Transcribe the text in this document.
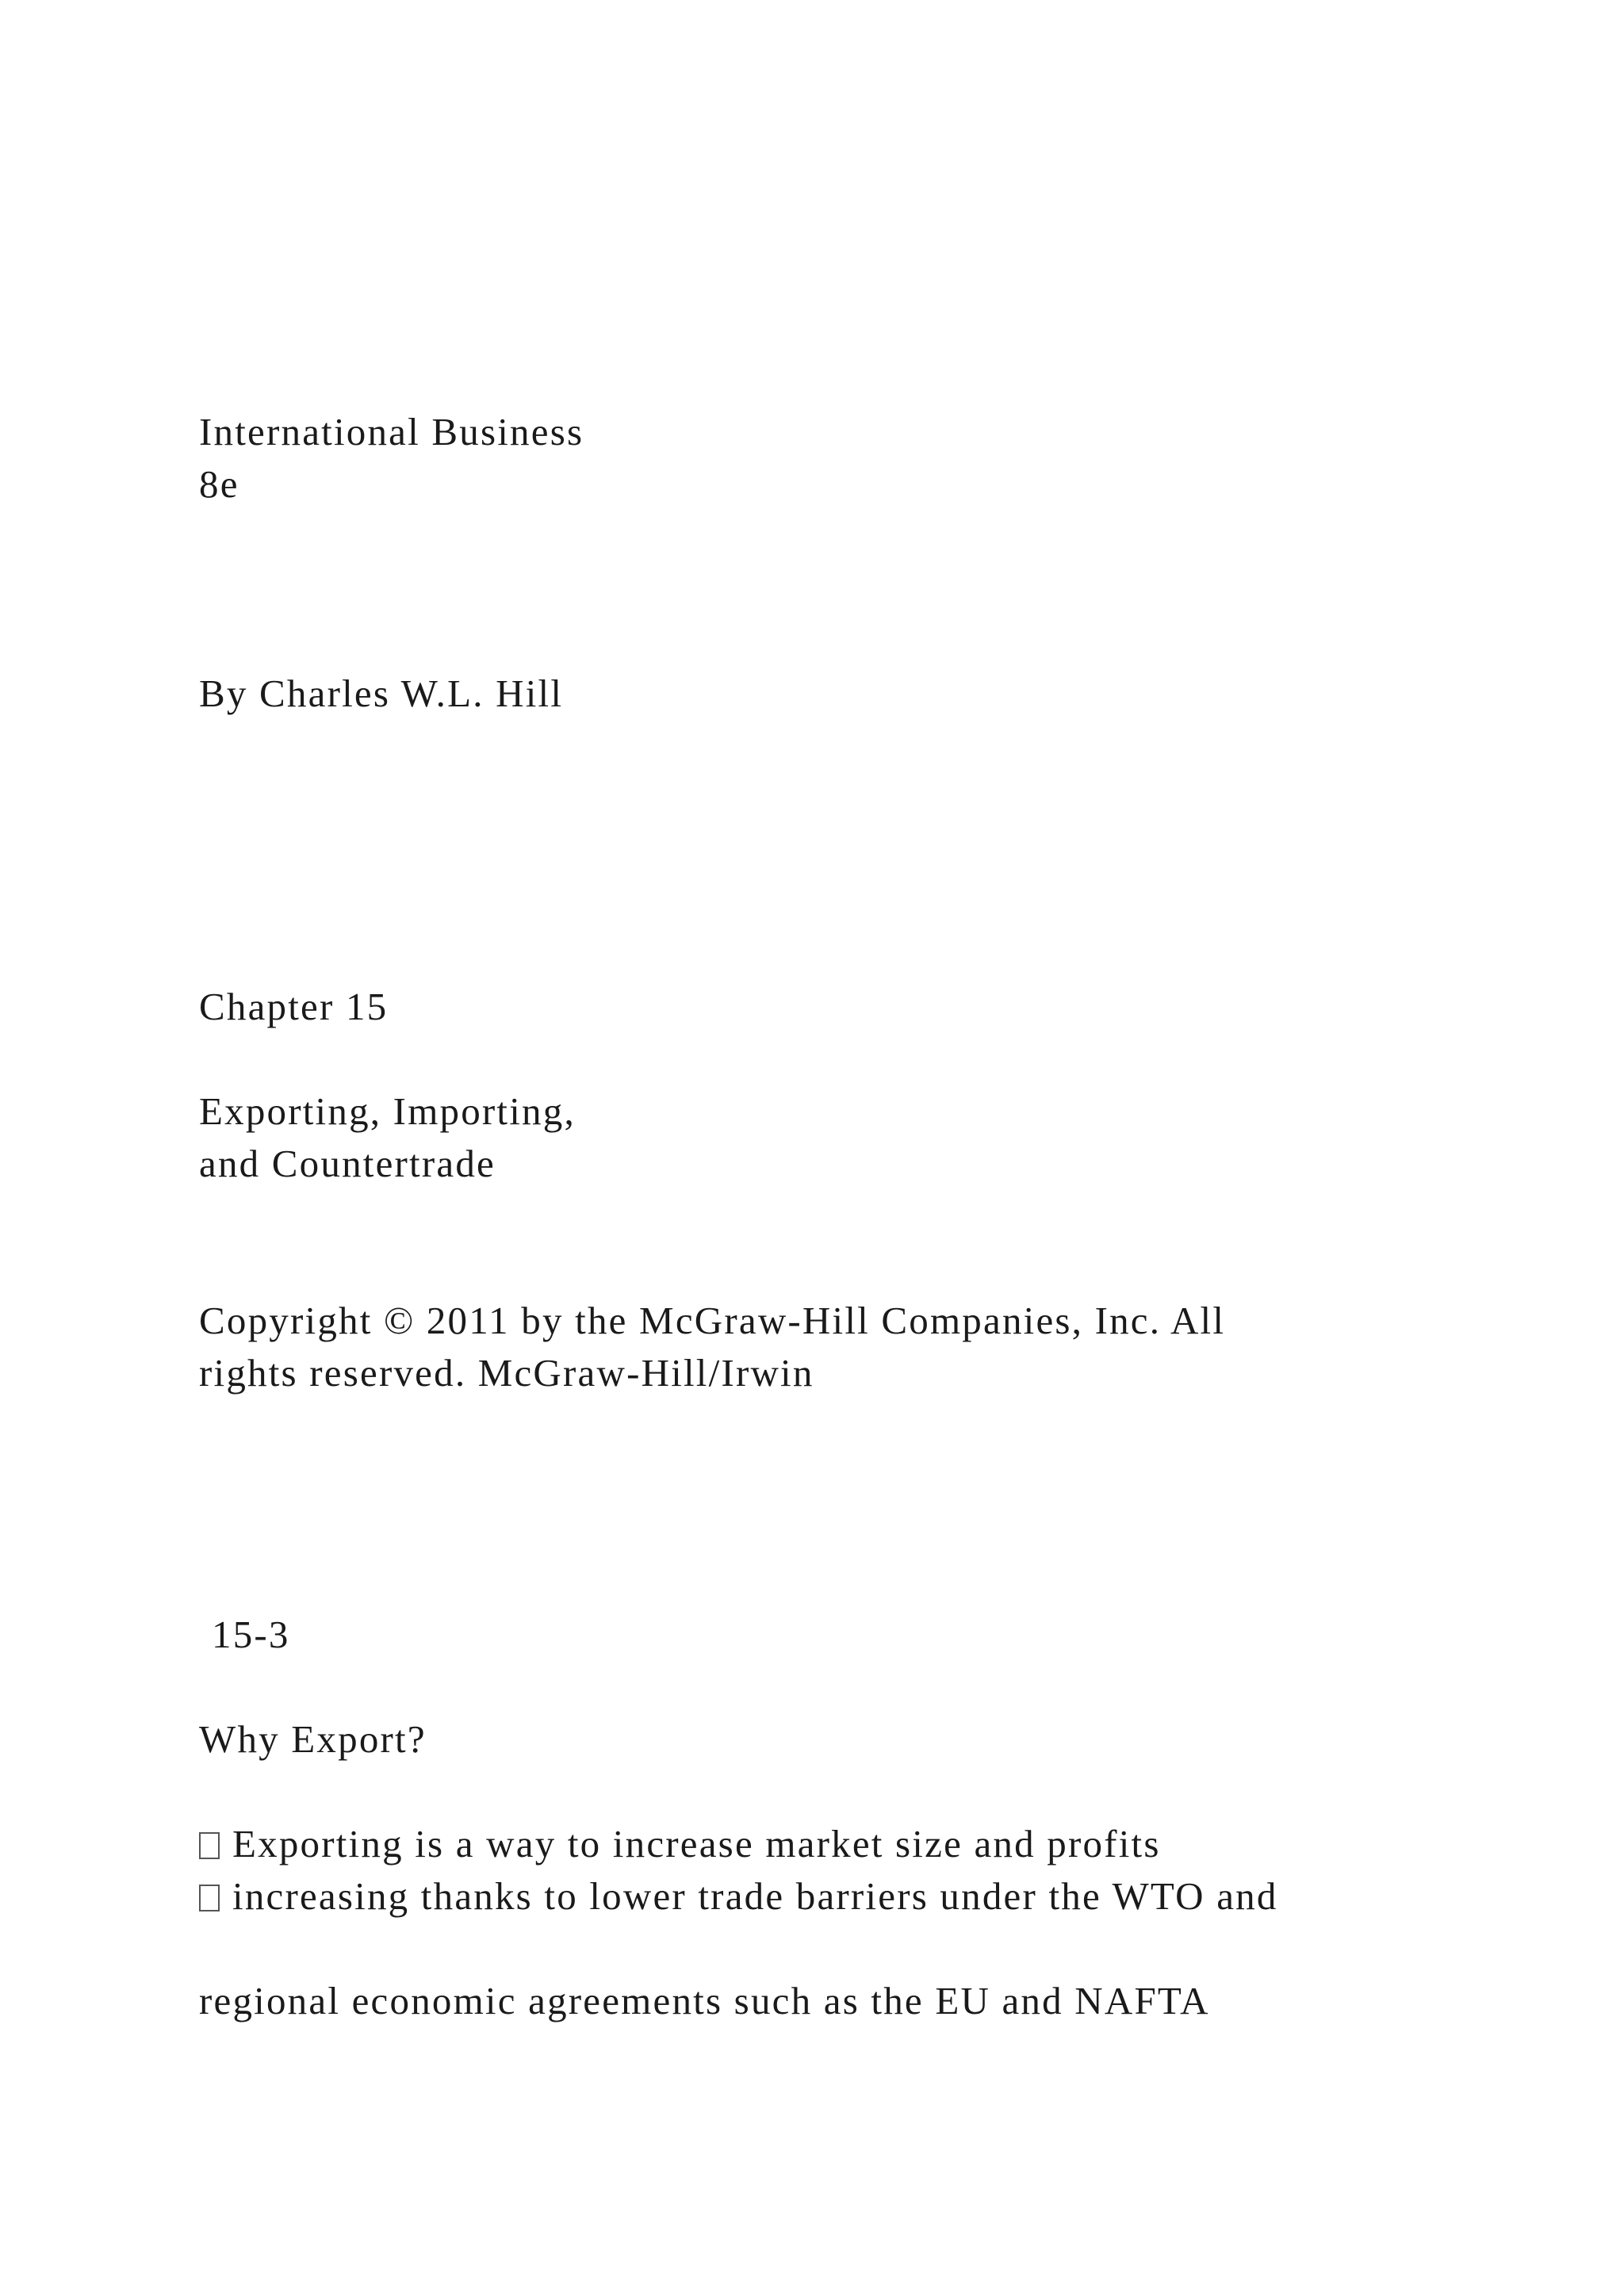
International Business
8e
By Charles W.L. Hill
Chapter 15
Exporting, Importing,
and Countertrade
Copyright © 2011 by the McGraw-Hill Companies, Inc. All
rights reserved. McGraw-Hill/Irwin
15-3
Why Export?
Exporting is a way to increase market size and profits
increasing thanks to lower trade barriers under the WTO and
regional economic agreements such as the EU and NAFTA
